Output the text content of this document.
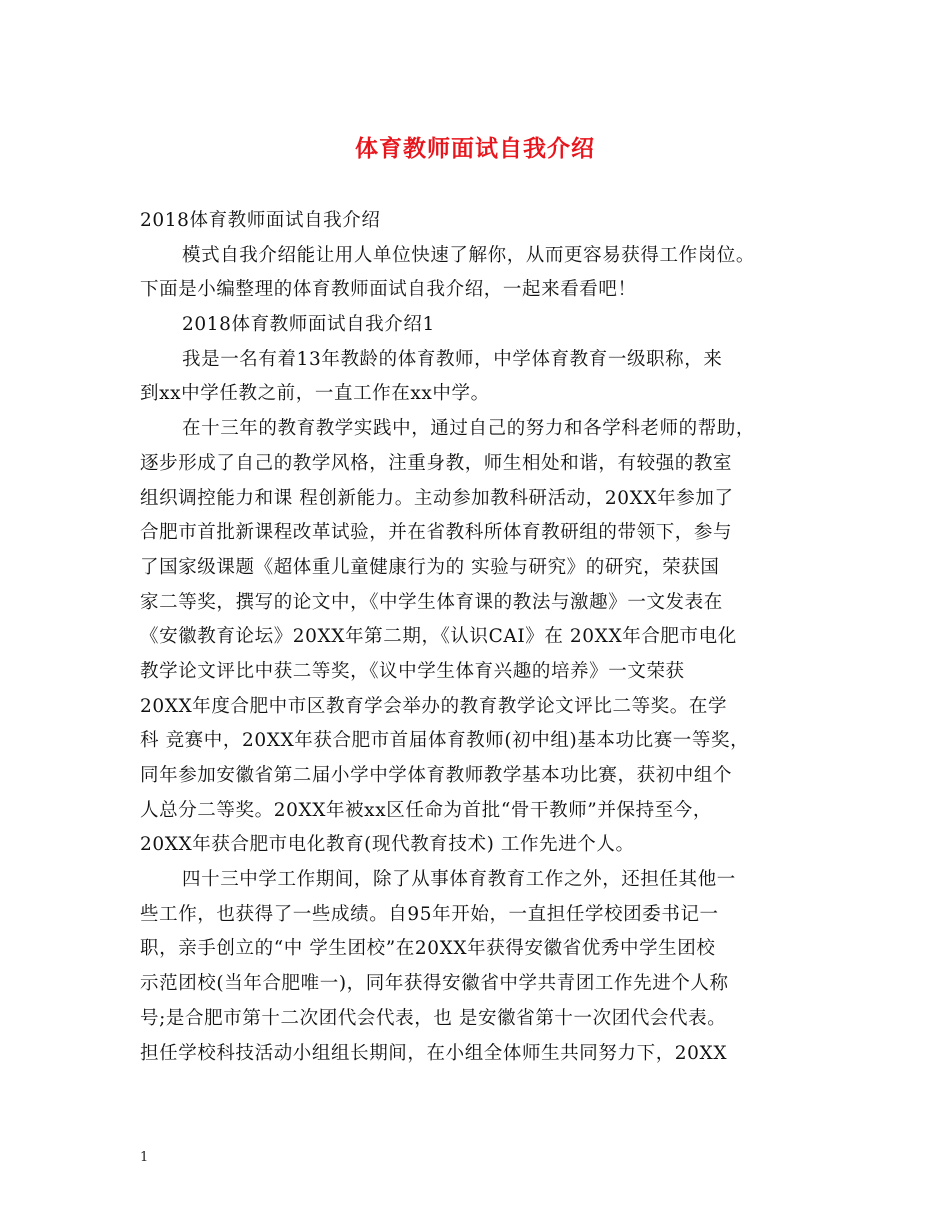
体育教师面试自我介绍
2018体育教师面试自我介绍
模式自我介绍能让用人单位快速了解你，从而更容易获得工作岗位。
下面是小编整理的体育教师面试自我介绍，一起来看看吧！
2018体育教师面试自我介绍1
我是一名有着13年教龄的体育教师，中学体育教育一级职称，来
到xx中学任教之前，一直工作在xx中学。
在十三年的教育教学实践中，通过自己的努力和各学科老师的帮助，
逐步形成了自己的教学风格，注重身教，师生相处和谐，有较强的教室
组织调控能力和课 程创新能力。主动参加教科研活动，20XX年参加了
合肥市首批新课程改革试验，并在省教科所体育教研组的带领下，参与
了国家级课题《超体重儿童健康行为的 实验与研究》的研究，荣获国
家二等奖，撰写的论文中，《中学生体育课的教法与激趣》一文发表在
《安徽教育论坛》20XX年第二期，《认识CAI》在 20XX年合肥市电化
教学论文评比中获二等奖，《议中学生体育兴趣的培养》一文荣获
20XX年度合肥中市区教育学会举办的教育教学论文评比二等奖。在学
科 竞赛中，20XX年获合肥市首届体育教师(初中组)基本功比赛一等奖，
同年参加安徽省第二届小学中学体育教师教学基本功比赛，获初中组个
人总分二等奖。20XX年被xx区任命为首批“骨干教师”并保持至今，
20XX年获合肥市电化教育(现代教育技术) 工作先进个人。
四十三中学工作期间，除了从事体育教育工作之外，还担任其他一
些工作，也获得了一些成绩。自95年开始，一直担任学校团委书记一
职，亲手创立的“中 学生团校”在20XX年获得安徽省优秀中学生团校
示范团校(当年合肥唯一)，同年获得安徽省中学共青团工作先进个人称
号;是合肥市第十二次团代会代表，也 是安徽省第十一次团代会代表。
担任学校科技活动小组组长期间，在小组全体师生共同努力下，20XX
1
